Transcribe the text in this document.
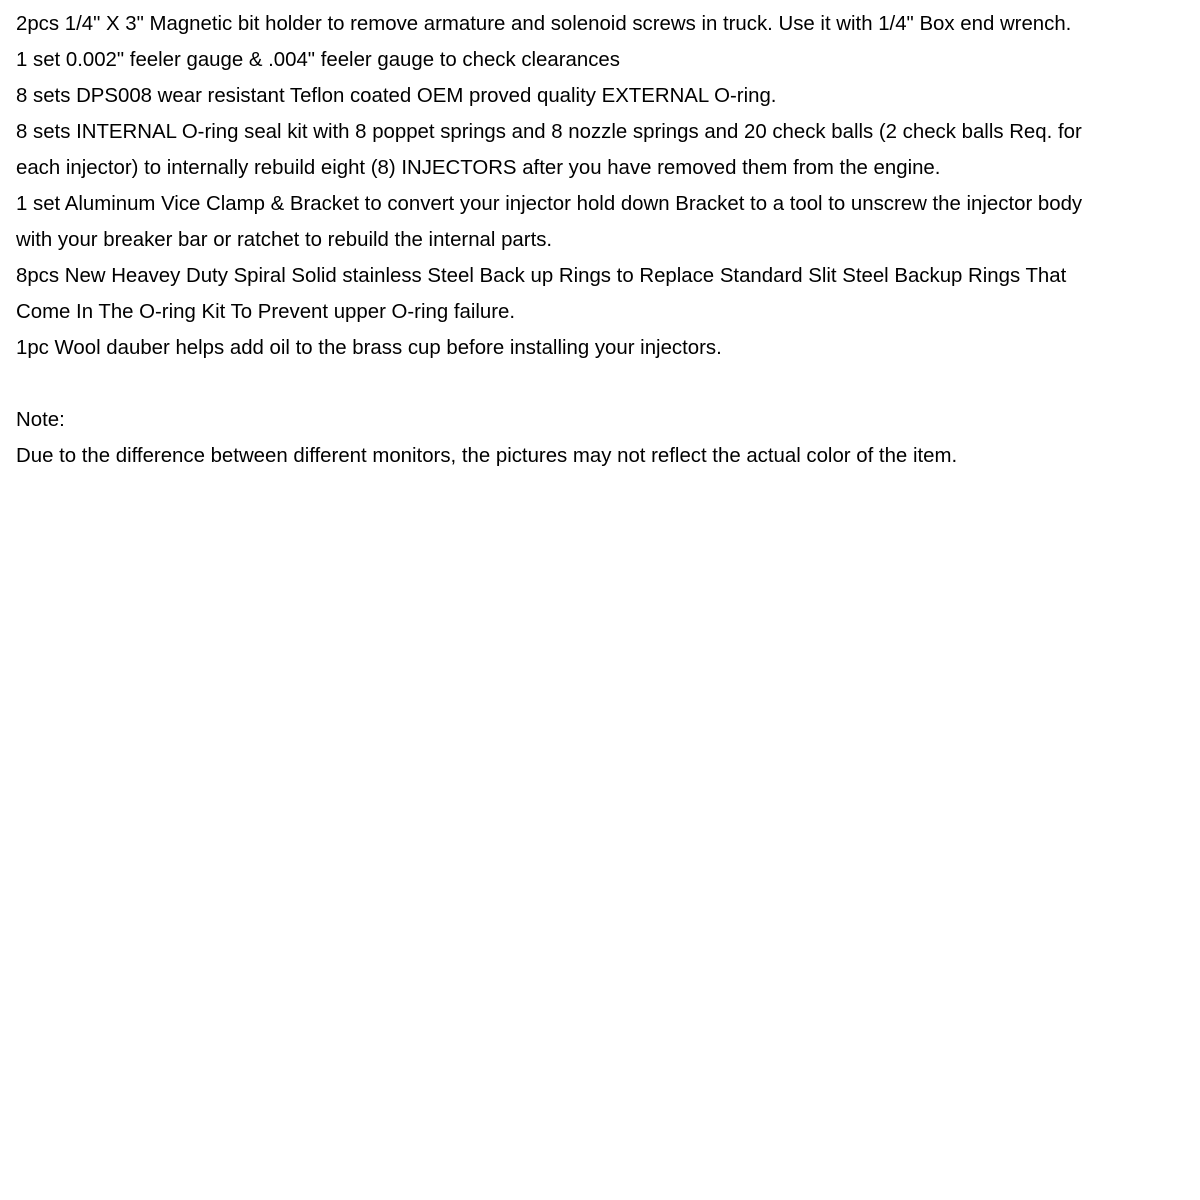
2pcs 1/4" X 3" Magnetic bit holder to remove armature and solenoid screws in truck. Use it with 1/4" Box end wrench.
1 set 0.002" feeler gauge & .004" feeler gauge to check clearances
8 sets DPS008 wear resistant Teflon coated OEM proved quality EXTERNAL O-ring.
8 sets INTERNAL O-ring seal kit with 8 poppet springs and 8 nozzle springs and 20 check balls (2 check balls Req. for
each injector) to internally rebuild eight (8) INJECTORS after you have removed them from the engine.
1 set Aluminum Vice Clamp & Bracket to convert your injector hold down Bracket to a tool to unscrew the injector body
with your breaker bar or ratchet to rebuild the internal parts.
8pcs New Heavey Duty Spiral Solid stainless Steel Back up Rings to Replace Standard Slit Steel Backup Rings That
Come In The O-ring Kit To Prevent upper O-ring failure.
1pc Wool dauber helps add oil to the brass cup before installing your injectors.
Note:
Due to the difference between different monitors, the pictures may not reflect the actual color of the item.
